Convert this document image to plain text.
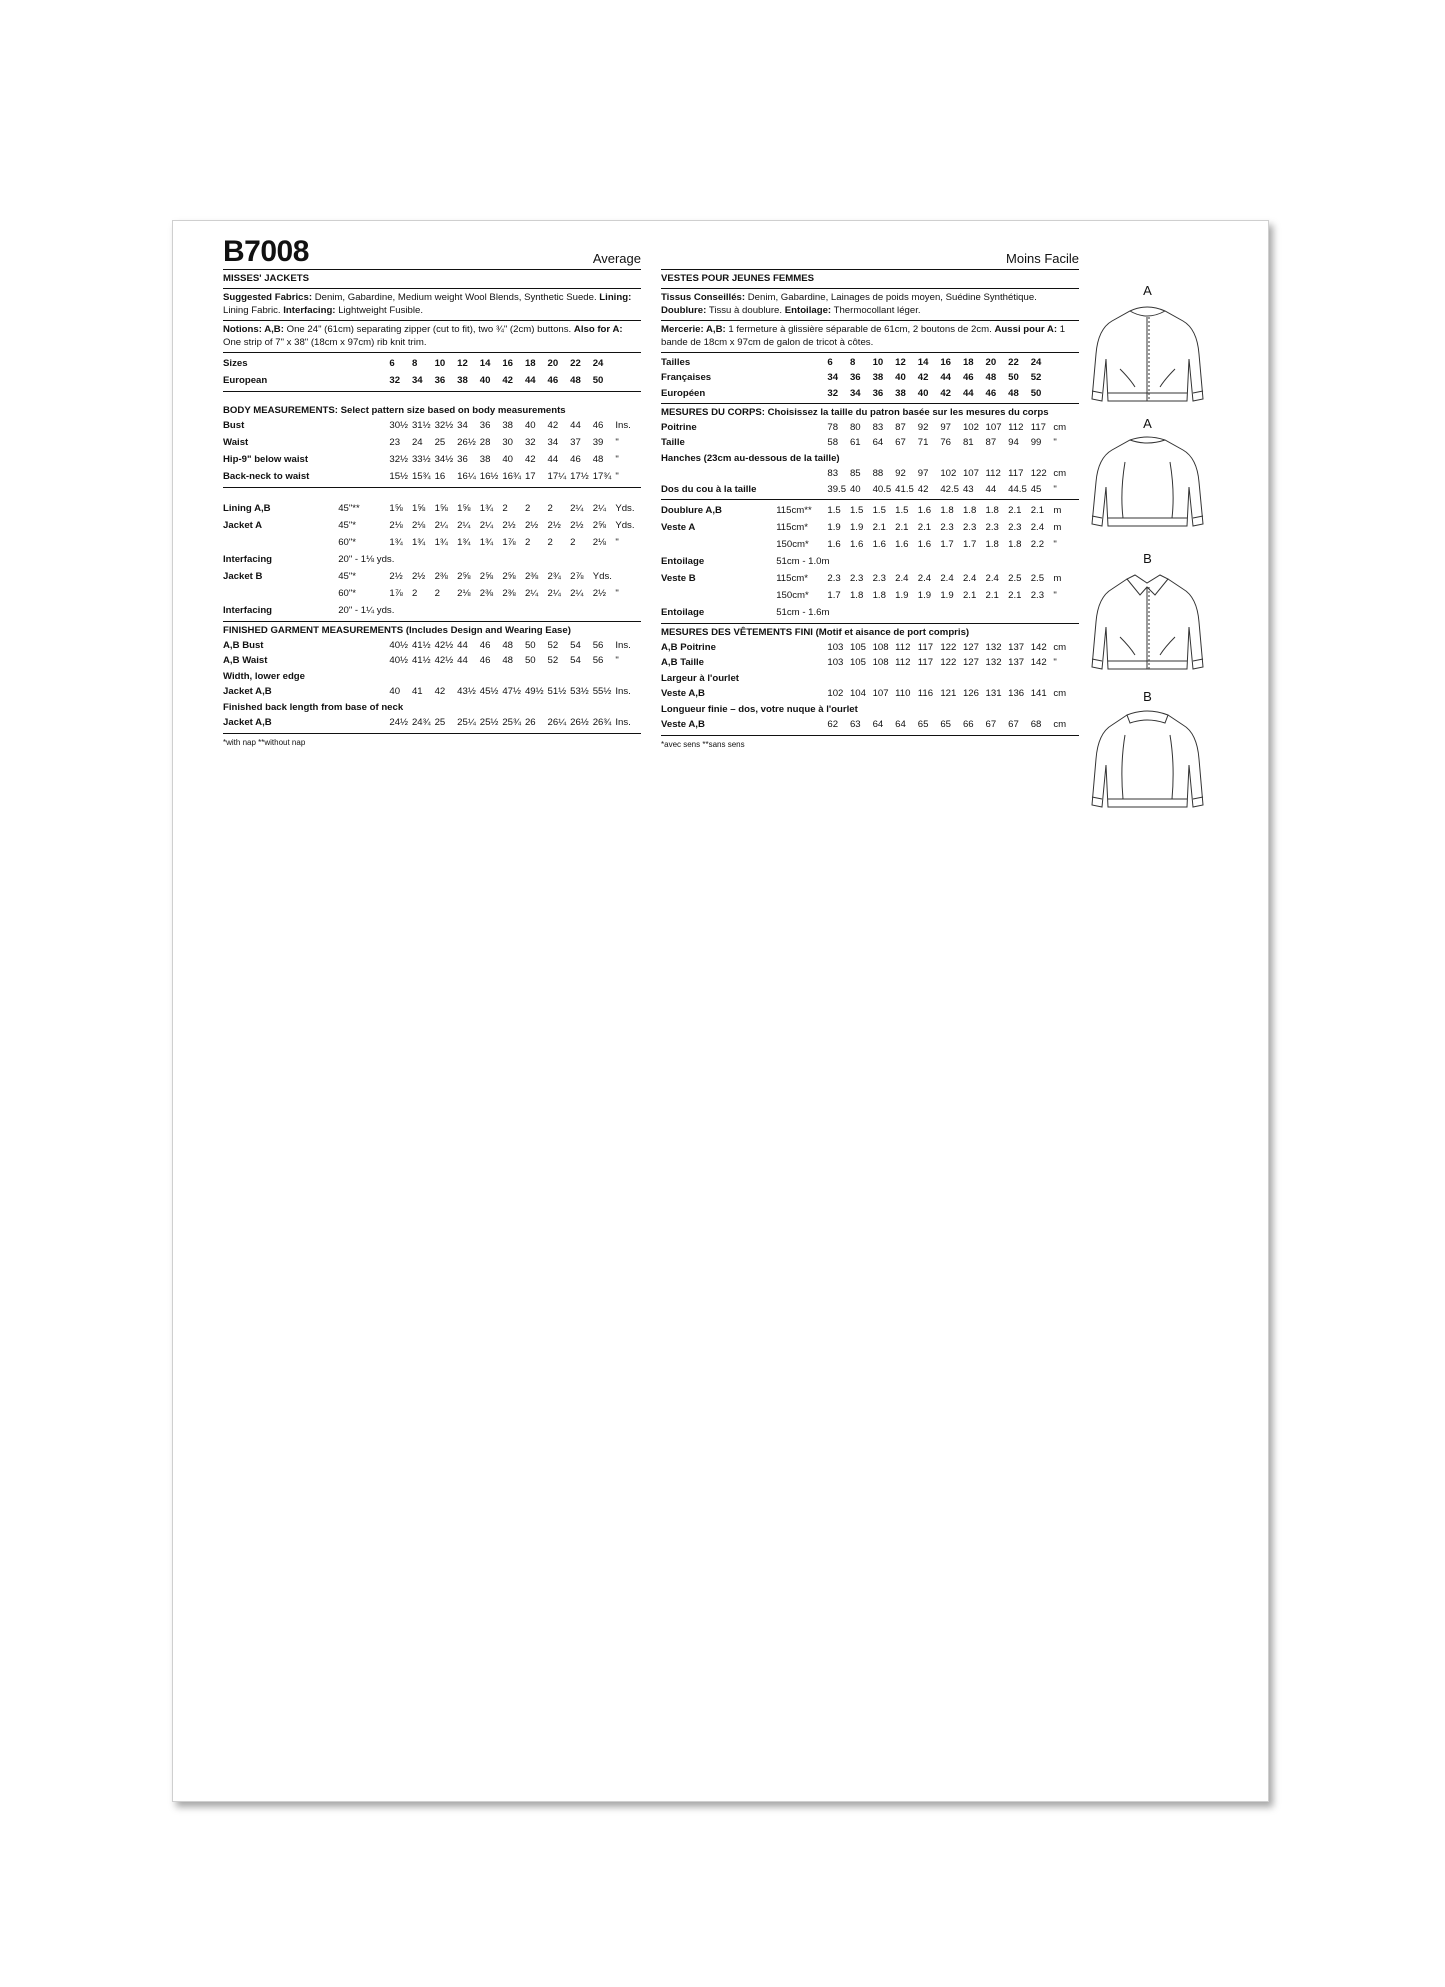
B7008	Average
MISSES' JACKETS
Suggested Fabrics: Denim, Gabardine, Medium weight Wool Blends, Synthetic Suede. Lining: Lining Fabric. Interfacing: Lightweight Fusible.
Notions: A,B: One 24" (61cm) separating zipper (cut to fit), two ¾" (2cm) buttons. Also for A: One strip of 7" x 38" (18cm x 97cm) rib knit trim.
Sizes		6	8	10	12	14	16	18	20	22	24	
European		32	34	36	38	40	42	44	46	48	50	
BODY MEASUREMENTS: Select pattern size based on body measurements
Bust		30½	31½	32½	34	36	38	40	42	44	46	Ins.
Waist		23	24	25	26½	28	30	32	34	37	39	"
Hip-9" below waist		32½	33½	34½	36	38	40	42	44	46	48	"
Back-neck to waist		15½	15¾	16	16¼	16½	16¾	17	17¼	17½	17¾	"
Lining A,B	45"**	1⅝	1⅝	1⅝	1⅝	1¾	2	2	2	2¼	2¼	Yds.
Jacket A	45"*	2⅛	2⅛	2¼	2¼	2¼	2½	2½	2½	2½	2⅝	Yds.
	60"*	1¾	1¾	1¾	1¾	1¾	1⅞	2	2	2	2⅛	"
Interfacing	20" - 1⅛ yds.											
Jacket B	45"*	2½	2½	2⅜	2⅝	2⅝	2⅝	2⅜	2¾	2⅞	Yds.	
	60"*	1⅞	2	2	2⅛	2⅜	2⅜	2¼	2¼	2¼	2½	"
Interfacing	20" - 1¼ yds.											
FINISHED GARMENT MEASUREMENTS (Includes Design and Wearing Ease)
A,B Bust		40½	41½	42½	44	46	48	50	52	54	56	Ins.
A,B Waist		40½	41½	42½	44	46	48	50	52	54	56	"
Width, lower edge												
Jacket A,B		40	41	42	43½	45½	47½	49½	51½	53½	55½	Ins.
Finished back length from base of neck												
Jacket A,B		24½	24¾	25	25¼	25½	25¾	26	26¼	26½	26¾	Ins.
*with nap **without nap
Moins Facile
VESTES POUR JEUNES FEMMES
Tissus Conseillés: Denim, Gabardine, Lainages de poids moyen, Suédine Synthétique. Doublure: Tissu à doublure. Entoilage: Thermocollant léger.
Mercerie: A,B: 1 fermeture à glissière séparable de 61cm, 2 boutons de 2cm. Aussi pour A: 1 bande de 18cm x 97cm de galon de tricot à côtes.
Tailles		6	8	10	12	14	16	18	20	22	24	
Françaises		34	36	38	40	42	44	46	48	50	52	
Européen		32	34	36	38	40	42	44	46	48	50	
MESURES DU CORPS: Choisissez la taille du patron basée sur les mesures du corps
Poitrine		78	80	83	87	92	97	102	107	112	117	cm
Taille		58	61	64	67	71	76	81	87	94	99	"
Hanches (23cm au-dessous de la taille)												
		83	85	88	92	97	102	107	112	117	122	cm
Dos du cou à la taille		39.5	40	40.5	41.5	42	42.5	43	44	44.5	45	"
Doublure A,B	115cm**	1.5	1.5	1.5	1.5	1.6	1.8	1.8	1.8	2.1	2.1	m
Veste A	115cm*	1.9	1.9	2.1	2.1	2.1	2.3	2.3	2.3	2.3	2.4	m
	150cm*	1.6	1.6	1.6	1.6	1.6	1.7	1.7	1.8	1.8	2.2	"
Entoilage	51cm - 1.0m											
Veste B	115cm*	2.3	2.3	2.3	2.4	2.4	2.4	2.4	2.4	2.5	2.5	m
	150cm*	1.7	1.8	1.8	1.9	1.9	1.9	2.1	2.1	2.1	2.3	"
Entoilage	51cm - 1.6m											
MESURES DES VÊTEMENTS FINI (Motif et aisance de port compris)
A,B Poitrine		103	105	108	112	117	122	127	132	137	142	cm
A,B Taille		103	105	108	112	117	122	127	132	137	142	"
Largeur à l'ourlet												
Veste A,B		102	104	107	110	116	121	126	131	136	141	cm
Longueur finie – dos, votre nuque à l'ourlet												
Veste A,B		62	63	64	64	65	65	66	67	67	68	cm
*avec sens **sans sens
A
A
B
B
